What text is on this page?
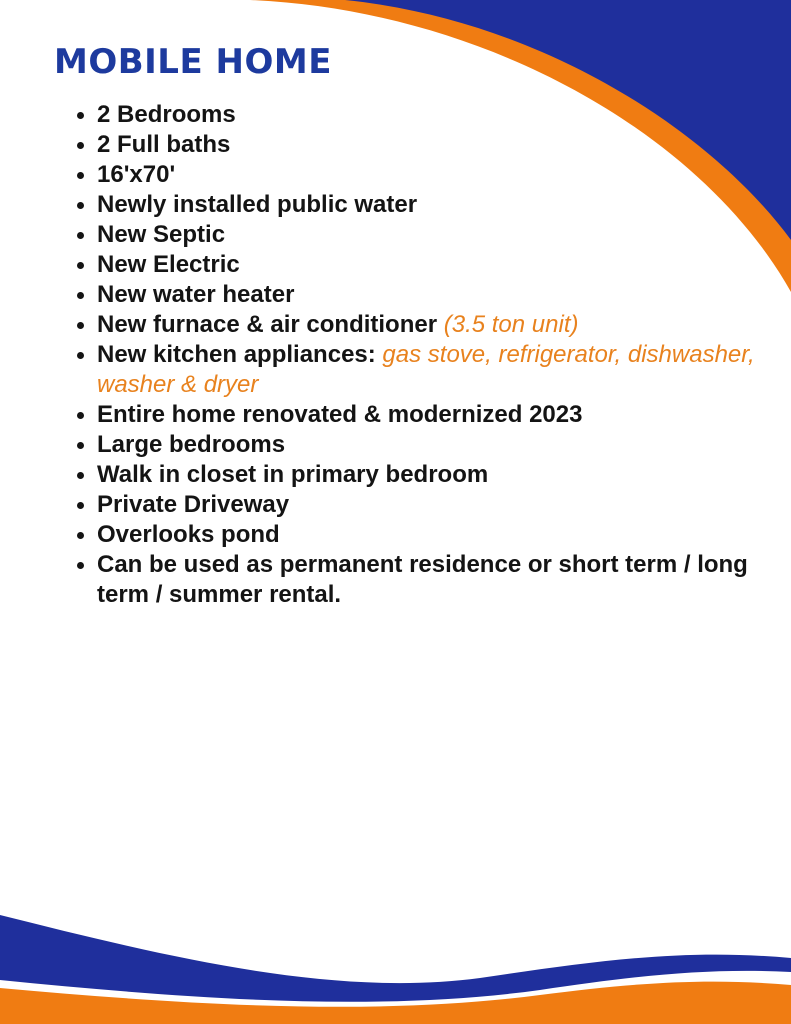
MOBILE HOME
2 Bedrooms
2 Full baths
16'x70'
Newly installed public water
New Septic
New Electric
New water heater
New furnace & air conditioner (3.5 ton unit)
New kitchen appliances: gas stove, refrigerator, dishwasher, washer & dryer
Entire home renovated & modernized 2023
Large bedrooms
Walk in closet in primary bedroom
Private Driveway
Overlooks pond
Can be used as permanent residence or short term / long term / summer rental.
